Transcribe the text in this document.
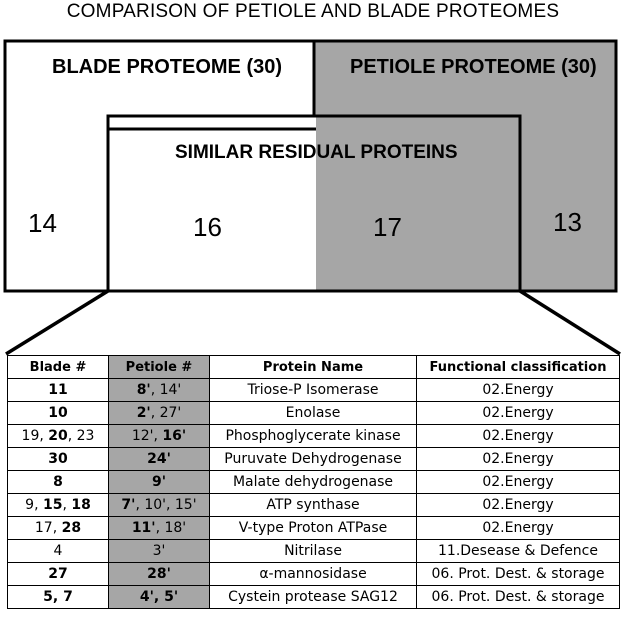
COMPARISON OF PETIOLE AND BLADE PROTEOMES
BLADE PROTEOME (30)	PETIOLE PROTEOME (30)
SIMILAR RESIDUAL PROTEINS
14	16	17	13
Blade #	Petiole #	Protein Name	Functional classification
11	8', 14'	Triose-P Isomerase	02.Energy
10	2', 27'	Enolase	02.Energy
19, 20, 23	12', 16'	Phosphoglycerate kinase	02.Energy
30	24'	Puruvate Dehydrogenase	02.Energy
8	9'	Malate dehydrogenase	02.Energy
9, 15, 18	7', 10', 15'	ATP synthase	02.Energy
17, 28	11', 18'	V-type Proton ATPase	02.Energy
4	3'	Nitrilase	11.Desease & Defence
27	28'	α-mannosidase	06. Prot. Dest. & storage
5, 7	4', 5'	Cystein protease SAG12	06. Prot. Dest. & storage
